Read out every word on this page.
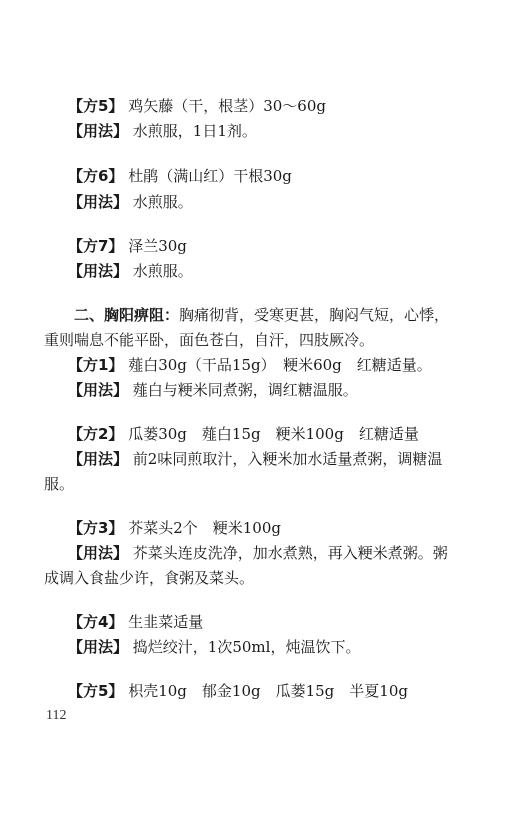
【方5】 鸡矢藤（干，根茎）30～60g
【用法】 水煎服，1日1剂。
【方6】 杜鹃（满山红）干根30g
【用法】 水煎服。
【方7】 泽兰30g
【用法】 水煎服。
二、胸阳痹阻：胸痛彻背，受寒更甚，胸闷气短，心悸，
重则喘息不能平卧，面色苍白，自汗，四肢厥冷。
【方1】 薤白30g（干品15g）　粳米60g　红糖适量。
【用法】 薤白与粳米同煮粥，调红糖温服。
【方2】 瓜蒌30g　薤白15g　粳米100g　红糖适量
【用法】 前2味同煎取汁，入粳米加水适量煮粥，调糖温
服。
【方3】 芥菜头2个　粳米100g
【用法】 芥菜头连皮洗净，加水煮熟，再入粳米煮粥。粥
成调入食盐少许，食粥及菜头。
【方4】 生韭菜适量
【用法】 捣烂绞汁，1次50ml，炖温饮下。
【方5】 枳壳10g　郁金10g　瓜蒌15g　半夏10g
112
